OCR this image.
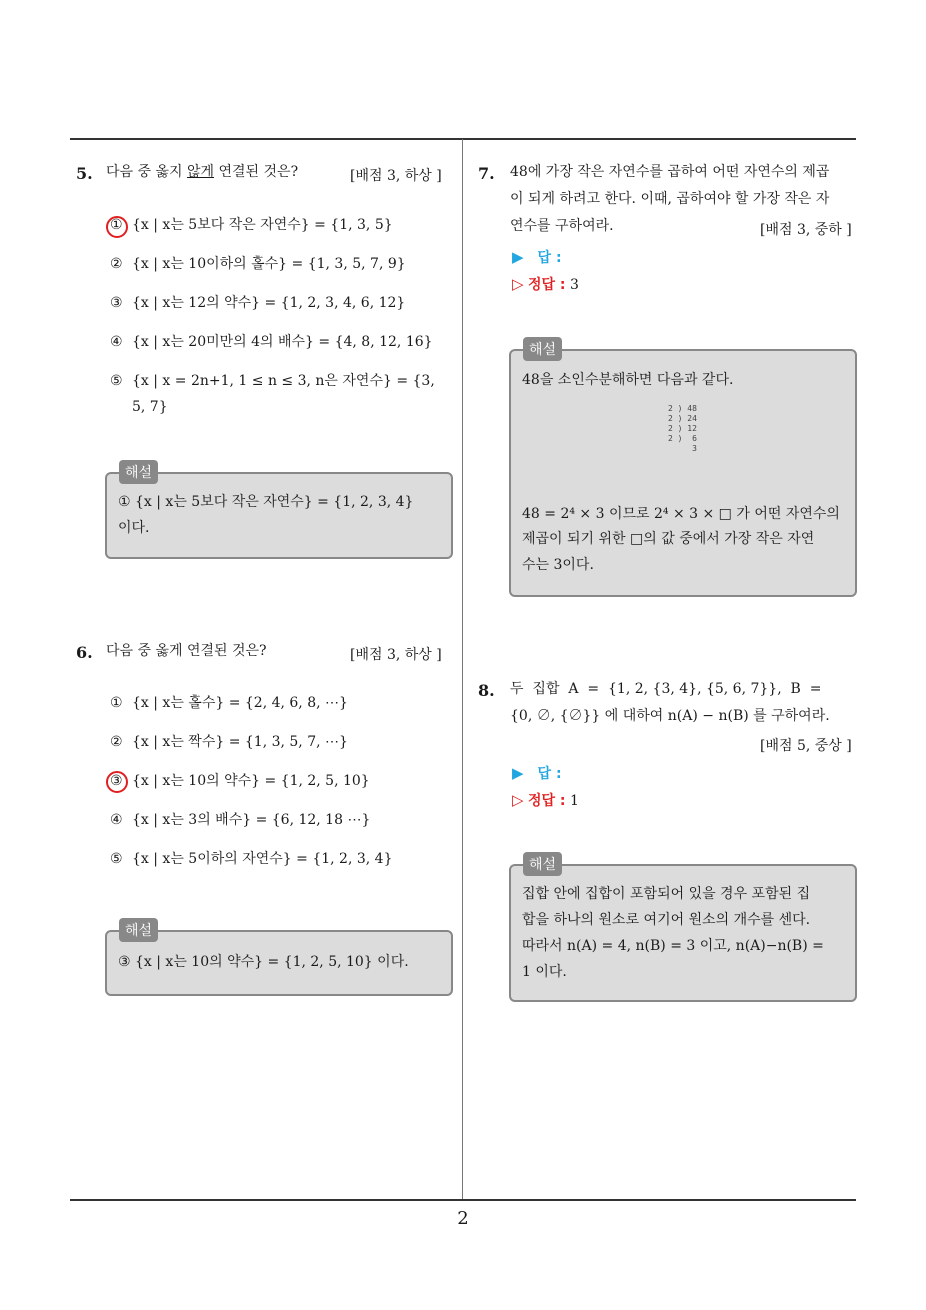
2
5. 다음 중 옳지 않게 연결된 것은?	[배점 3, 하상 ]
① {x | x는 5보다 작은 자연수} = {1, 3, 5}
② {x | x는 10이하의 홀수} = {1, 3, 5, 7, 9}
③ {x | x는 12의 약수} = {1, 2, 3, 4, 6, 12}
④ {x | x는 20미만의 4의 배수} = {4, 8, 12, 16}
⑤ {x | x = 2n+1, 1 ≤ n ≤ 3, n은 자연수} = {3,
5, 7}
해설
① {x | x는 5보다 작은 자연수} = {1, 2, 3, 4}
이다.
6. 다음 중 옳게 연결된 것은?	[배점 3, 하상 ]
① {x | x는 홀수} = {2, 4, 6, 8, ⋯}
② {x | x는 짝수} = {1, 3, 5, 7, ⋯}
③ {x | x는 10의 약수} = {1, 2, 5, 10}
④ {x | x는 3의 배수} = {6, 12, 18 ⋯}
⑤ {x | x는 5이하의 자연수} = {1, 2, 3, 4}
해설
③ {x | x는 10의 약수} = {1, 2, 5, 10} 이다.
7. 48에 가장 작은 자연수를 곱하여 어떤 자연수의 제곱
이 되게 하려고 한다. 이때, 곱하여야 할 가장 작은 자
연수를 구하여라.	[배점 3, 중하 ]
▶ 답 :
▷ 정답 : 3
해설
48을 소인수분해하면 다음과 같다.
2 ) 48
2 ) 24
2 ) 12
2 )  6
3
48 = 2⁴ × 3 이므로 2⁴ × 3 × □ 가 어떤 자연수의
제곱이 되기 위한 □의 값 중에서 가장 작은 자연
수는 3이다.
8. 두  집합  A  =  {1, 2, {3, 4}, {5, 6, 7}},  B  =
{0, ∅, {∅}} 에 대하여 n(A) − n(B) 를 구하여라.
[배점 5, 중상 ]
▶ 답 :
▷ 정답 : 1
해설
집합 안에 집합이 포함되어 있을 경우 포함된 집
합을 하나의 원소로 여기어 원소의 개수를 센다.
따라서 n(A) = 4, n(B) = 3 이고, n(A)−n(B) =
1 이다.
